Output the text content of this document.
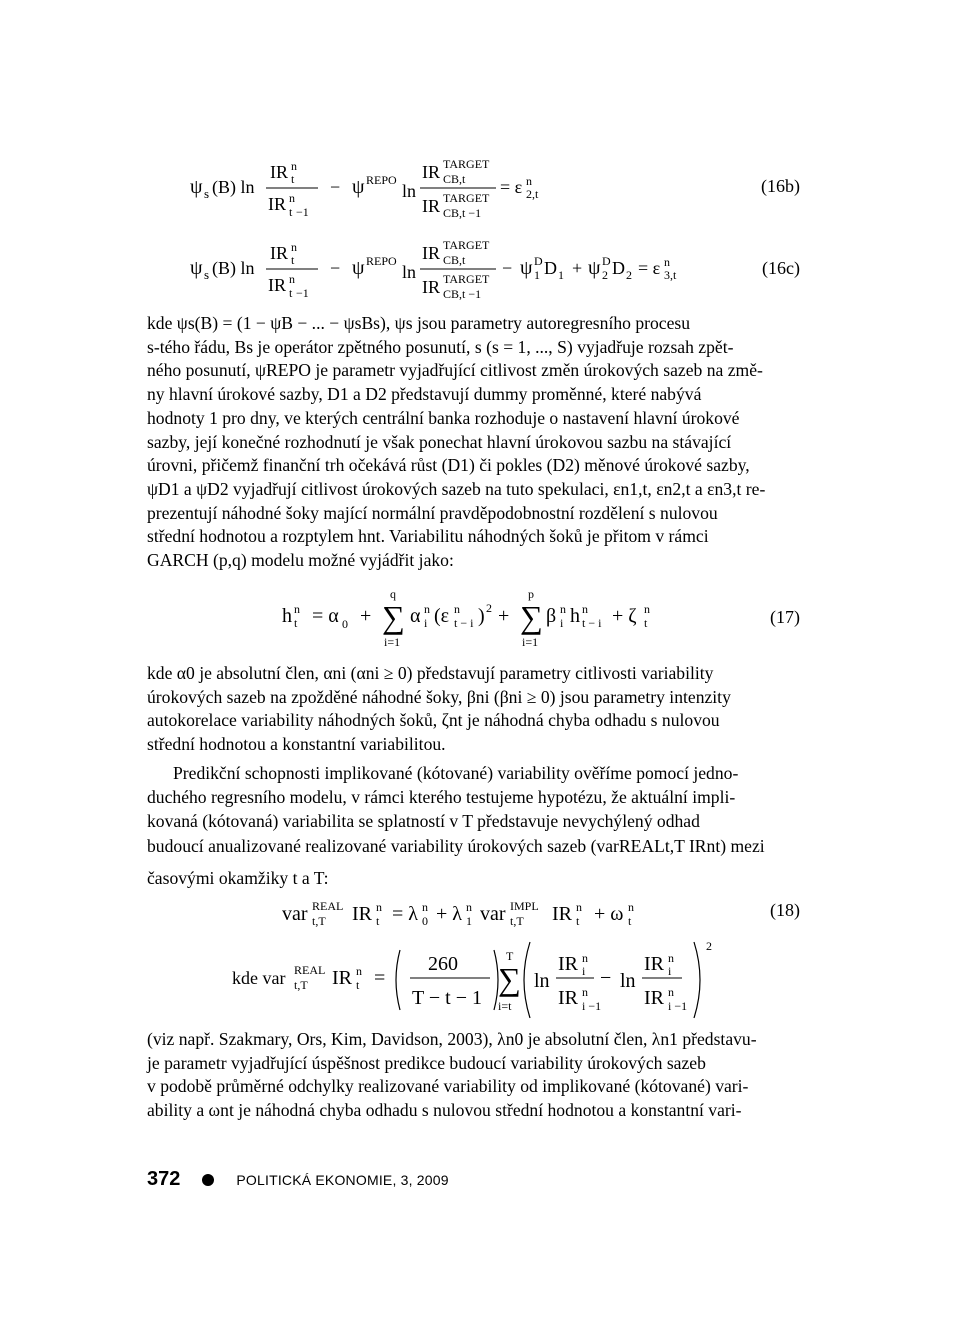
ψ s (B) ln
IR n
t
IR n
t −1
− ψ REPO
ln
IR TARGET
CB,t
IR TARGET
CB,t −1
= ε n
2,t	(16b)
ψ s (B) ln
IR n
t
IR n
t −1
− ψ REPO
ln
IR TARGET
CB,t
IR TARGET
CB,t −1
− ψ D
1 D 1 + ψ D
2 D 2 = ε n
3,t	(16c)
kde ψs(B) = (1 − ψB − ... − ψsBs), ψs jsou parametry autoregresního procesu
s-tého řádu, Bs je operátor zpětného posunutí, s (s = 1, ..., S) vyjadřuje rozsah zpět-
ného posunutí, ψREPO je parametr vyjadřující citlivost změn úrokových sazeb na změ-
ny hlavní úrokové sazby, D1 a D2 představují dummy proměnné, které nabývá
hodnoty 1 pro dny, ve kterých centrální banka rozhoduje o nastavení hlavní úrokové
sazby, její konečné rozhodnutí je však ponechat hlavní úrokovou sazbu na stávající
úrovni, přičemž finanční trh očekává růst (D1) či pokles (D2) měnové úrokové sazby,
ψD1 a ψD2 vyjadřují citlivost úrokových sazeb na tuto spekulaci, εn1,t, εn2,t a εn3,t re-
prezentují náhodné šoky mající normální pravděpodobnostní rozdělení s nulovou
střední hodnotou a rozptylem hnt. Variabilitu náhodných šoků je přitom v rámci
GARCH (p,q) modelu možné vyjádřit jako:
h n
t = α 0 + ∑
q
i=1
α n
i (ε n
t − i ) 2 + ∑
p
i=1
β n
i h n
t − i + ζ n
t	(17)
kde α0 je absolutní člen, αni (αni ≥ 0) představují parametry citlivosti variability
úrokových sazeb na zpožděné náhodné šoky, βni (βni ≥ 0) jsou parametry intenzity
autokorelace variability náhodných šoků, ζnt je náhodná chyba odhadu s nulovou
střední hodnotou a konstantní variabilitou.
Predikční schopnosti implikované (kótované) variability ověříme pomocí jedno-
duchého regresního modelu, v rámci kterého testujeme hypotézu, že aktuální impli-
kovaná (kótovaná) variabilita se splatností v T představuje nevychýlený odhad
budoucí anualizované realizované variability úrokových sazeb (varREALt,T IRnt) mezi
časovými okamžiky t a T:
var REAL
t,T IR n
t = λ n
0 + λ n
1 var IMPL
t,T IR n
t + ω n
t
(18)
kde var REAL
t,T IR n
t =
260
T − t − 1
∑
T
i=t
ln
IR n
i
IR n
i −1
− ln
IR n
i
IR n
i −1
2
(viz např. Szakmary, Ors, Kim, Davidson, 2003), λn0 je absolutní člen, λn1 představu-
je parametr vyjadřující úspěšnost predikce budoucí variability úrokových sazeb
v podobě průměrné odchylky realizované variability od implikované (kótované) vari-
ability a ωnt je náhodná chyba odhadu s nulovou střední hodnotou a konstantní vari-
372	POLITICKÁ EKONOMIE, 3, 2009
